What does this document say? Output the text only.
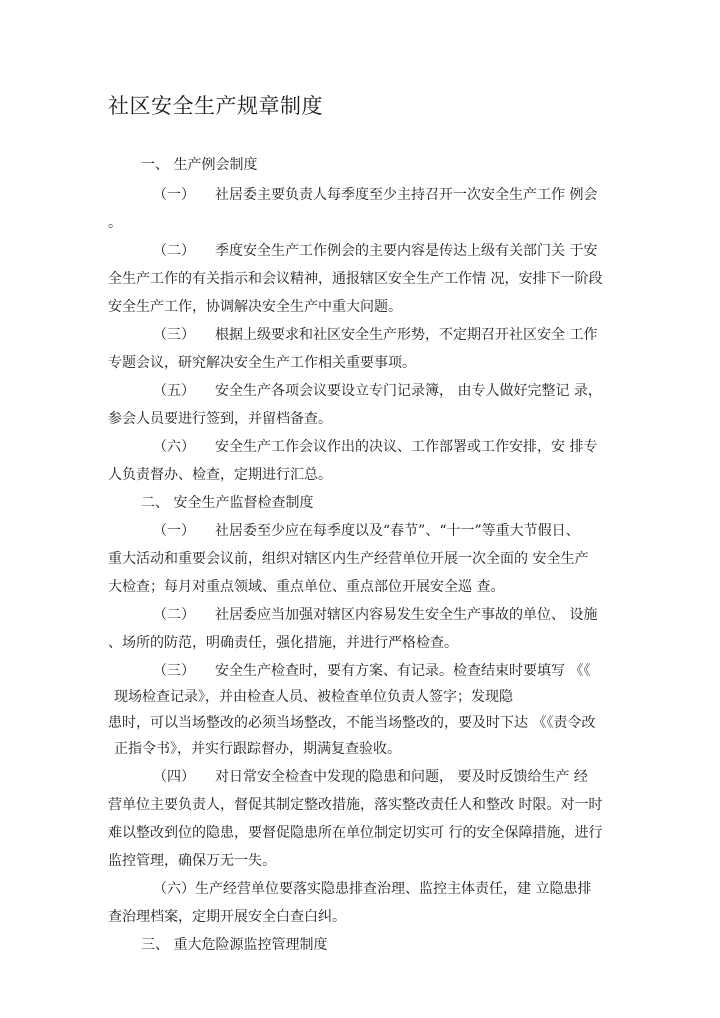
社区安全生产规章制度
一、 生产例会制度
（一） 社居委主要负责人每季度至少主持召开一次安全生产工作 例会
。
（二） 季度安全生产工作例会的主要内容是传达上级有关部门关 于安
全生产工作的有关指示和会议精神，通报辖区安全生产工作情 况，安排下一阶段
安全生产工作，协调解决安全生产中重大问题。
（三） 根据上级要求和社区安全生产形势，不定期召开社区安全 工作
专题会议，研究解决安全生产工作相关重要事项。
（五） 安全生产各项会议要设立专门记录簿， 由专人做好完整记 录，
参会人员要进行签到，并留档备查。
（六） 安全生产工作会议作出的决议、工作部署或工作安排，安 排专
人负责督办、检查，定期进行汇总。
二、 安全生产监督检查制度
（一） 社居委至少应在每季度以及“春节”、“十一”等重大节假日、
重大活动和重要会议前，组织对辖区内生产经营单位开展一次全面的 安全生产
大检查；每月对重点领域、重点单位、重点部位开展安全巡 查。
（二） 社居委应当加强对辖区内容易发生安全生产事故的单位、 设施
、场所的防范，明确责任，强化措施，并进行严格检查。
（三） 安全生产检查时，要有方案、有记录。检查结束时要填写 《《
现场检查记录》，并由检查人员、被检查单位负责人签字；发现隐
患时，可以当场整改的必须当场整改，不能当场整改的，要及时下达 《《责令改
正指令书》，并实行跟踪督办，期满复查验收。
（四） 对日常安全检查中发现的隐患和问题， 要及时反馈给生产 经
营单位主要负责人，督促其制定整改措施，落实整改责任人和整改 时限。对一时
难以整改到位的隐患，要督促隐患所在单位制定切实可 行的安全保障措施，进行
监控管理，确保万无一失。
（六）生产经营单位要落实隐患排查治理、监控主体责任，建 立隐患排
查治理档案，定期开展安全白查白纠。
三、 重大危险源监控管理制度
